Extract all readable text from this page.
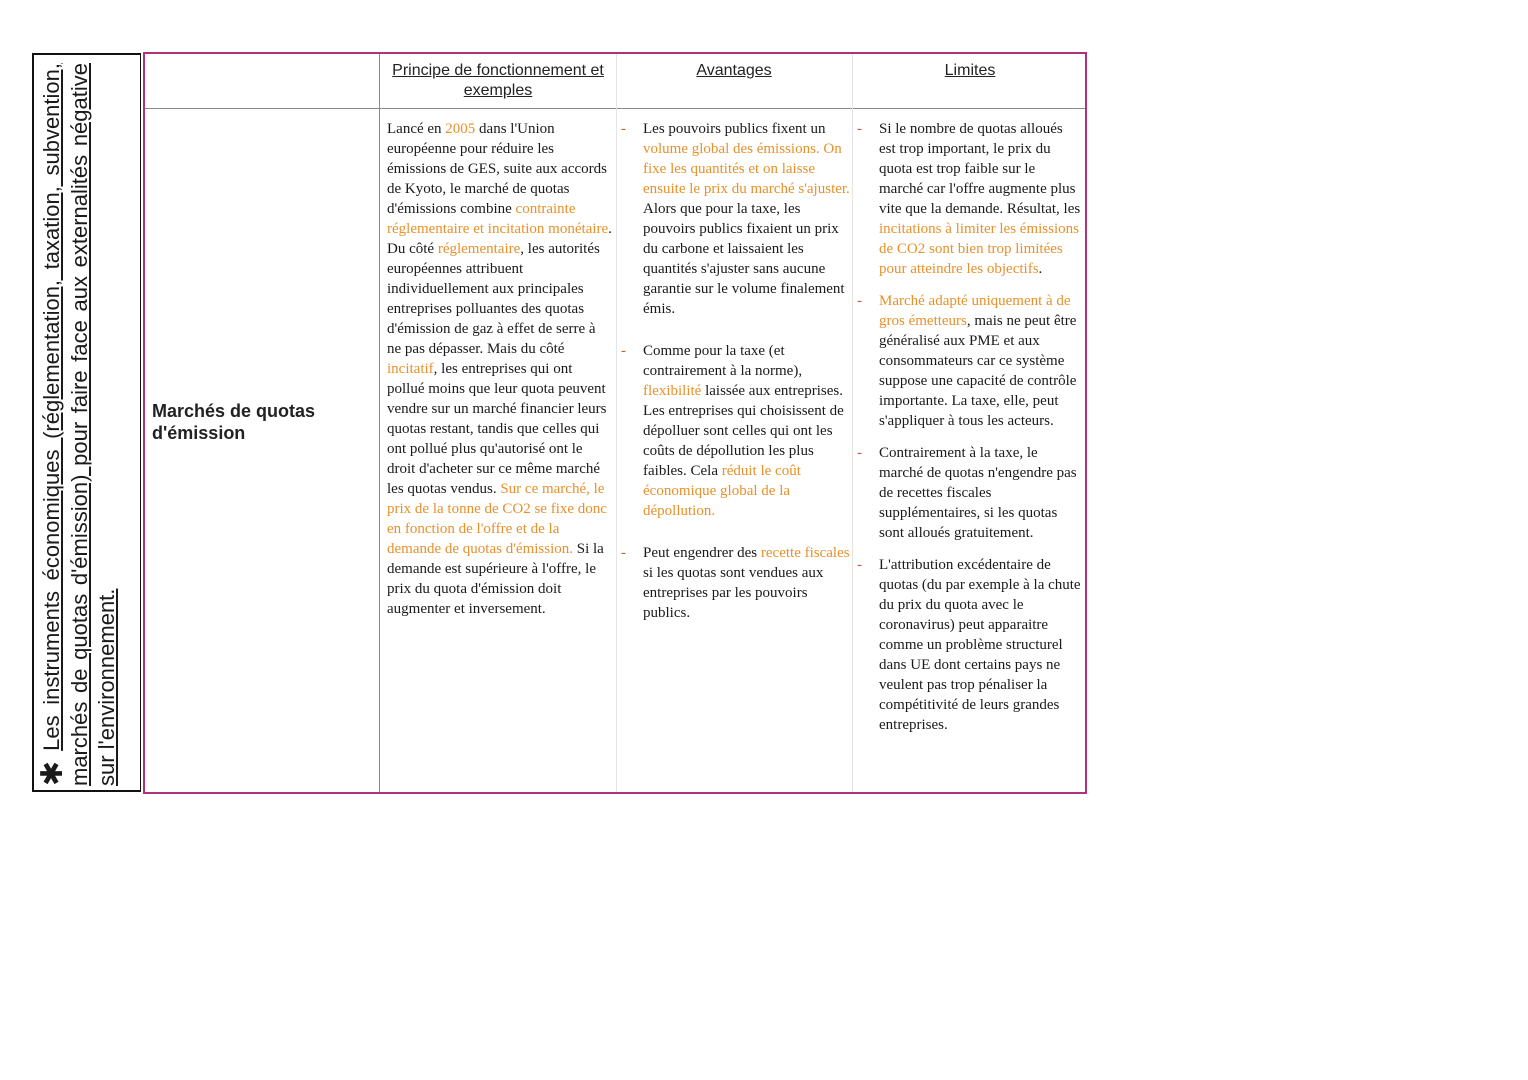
✱Les instruments économiques (réglementation, taxation, subvention, marchés de quotas d'émission) pour faire face aux externalités négative sur l'environnement.
Principe de fonctionnement et exemples
Avantages	Limites
Marchés de quotas d'émission
Lancé en 2005 dans l'Union européenne pour réduire les émissions de GES, suite aux accords de Kyoto, le marché de quotas d'émissions combine contrainte réglementaire et incitation monétaire. Du côté réglementaire, les autorités européennes attribuent individuellement aux principales entreprises polluantes des quotas d'émission de gaz à effet de serre à ne pas dépasser. Mais du côté incitatif, les entreprises qui ont pollué moins que leur quota peuvent vendre sur un marché financier leurs quotas restant, tandis que celles qui ont pollué plus qu'autorisé ont le droit d'acheter sur ce même marché les quotas vendus. Sur ce marché, le prix de la tonne de CO2 se fixe donc en fonction de l'offre et de la demande de quotas d'émission. Si la demande est supérieure à l'offre, le prix du quota d'émission doit augmenter et inversement.
- Les pouvoirs publics fixent un volume global des émissions. On fixe les quantités et on laisse ensuite le prix du marché s'ajuster. Alors que pour la taxe, les pouvoirs publics fixaient un prix du carbone et laissaient les quantités s'ajuster sans aucune garantie sur le volume finalement émis.
- Comme pour la taxe (et contrairement à la norme), flexibilité laissée aux entreprises. Les entreprises qui choisissent de dépolluer sont celles qui ont les coûts de dépollution les plus faibles. Cela réduit le coût économique global de la dépollution.
- Peut engendrer des recette fiscales si les quotas sont vendues aux entreprises par les pouvoirs publics.
- Si le nombre de quotas alloués est trop important, le prix du quota est trop faible sur le marché car l'offre augmente plus vite que la demande. Résultat, les incitations à limiter les émissions de CO2 sont bien trop limitées pour atteindre les objectifs.
- Marché adapté uniquement à de gros émetteurs, mais ne peut être généralisé aux PME et aux consommateurs car ce système suppose une capacité de contrôle importante. La taxe, elle, peut s'appliquer à tous les acteurs.
- Contrairement à la taxe, le marché de quotas n'engendre pas de recettes fiscales supplémentaires, si les quotas sont alloués gratuitement.
- L'attribution excédentaire de quotas (du par exemple à la chute du prix du quota avec le coronavirus) peut apparaitre comme un problème structurel dans UE dont certains pays ne veulent pas trop pénaliser la compétitivité de leurs grandes entreprises.
